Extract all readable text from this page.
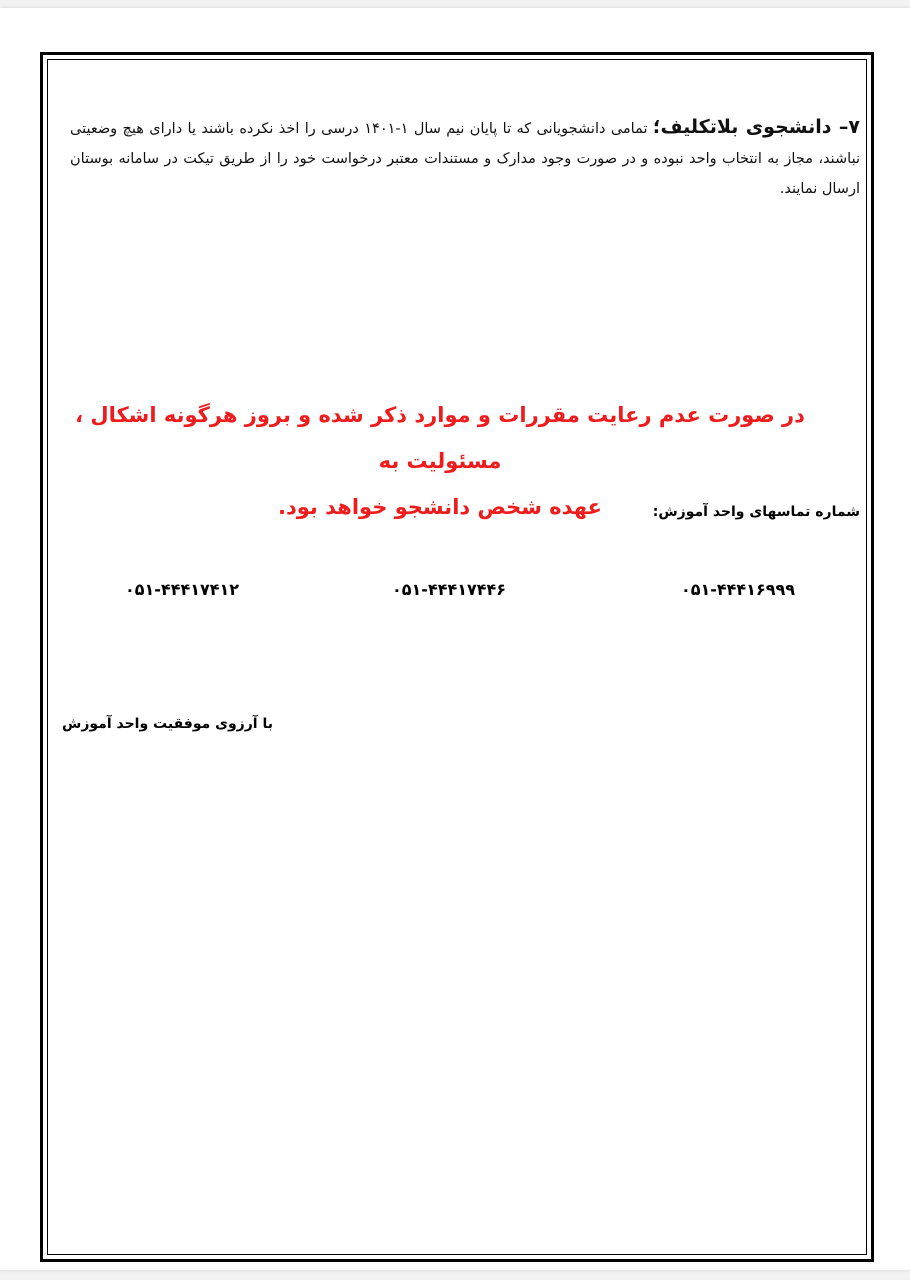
۷– دانشجوی بلاتکلیف؛ تمامی دانشجویانی که تا پایان نیم سال ۱-۱۴۰۱ درسی را اخذ نکرده باشند یا دارای هیچ وضعیتی نباشند، مجاز به انتخاب واحد نبوده و در صورت وجود مدارک و مستندات معتبر درخواست خود را از طریق تیکت در سامانه بوستان ارسال نمایند.
در صورت عدم رعایت مقررات و موارد ذکر شده و بروز هرگونه اشکال ، مسئولیت به
عهده شخص دانشجو خواهد بود.	شماره تماسهای واحد آموزش:
۰۵۱-۴۴۴۱۶۹۹۹
۰۵۱-۴۴۴۱۷۴۴۶
۰۵۱-۴۴۴۱۷۴۱۲
با آرزوی موفقیت واحد آموزش
